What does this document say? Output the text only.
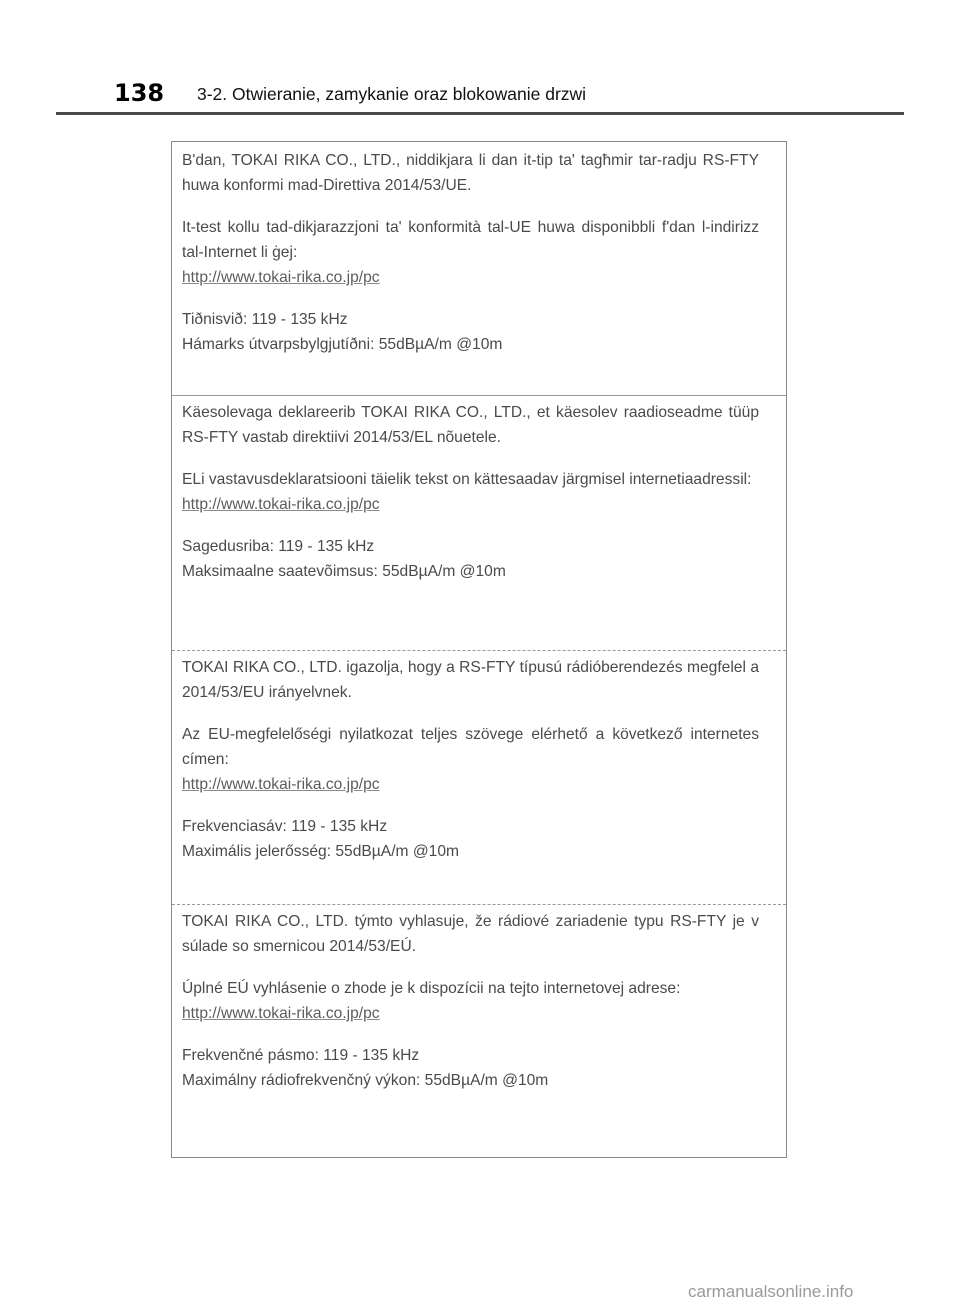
138 3-2. Otwieranie, zamykanie oraz blokowanie drzwi

B'dan, TOKAI RIKA CO., LTD., niddikjara li dan it-tip ta' tagħmir tar-radju RS-FTY huwa konformi mad-Direttiva 2014/53/UE.

It-test kollu tad-dikjarazzjoni ta' konformità tal-UE huwa disponibbli f'dan l-indirizz tal-Internet li ġej:

http://www.tokai-rika.co.jp/pc

Tiðnisvið: 119 - 135 kHz

Hámarks útvarpsbylgjutíðni: 55dBµA/m @10m

Käesolevaga deklareerib TOKAI RIKA CO., LTD., et käesolev raadioseadme tüüp RS-FTY vastab direktiivi 2014/53/EL nõuetele.

ELi vastavusdeklaratsiooni täielik tekst on kättesaadav järgmisel internetiaadressil:

http://www.tokai-rika.co.jp/pc

Sagedusriba: 119 - 135 kHz

Maksimaalne saatevõimsus: 55dBµA/m @10m

TOKAI RIKA CO., LTD. igazolja, hogy a RS-FTY típusú rádióberendezés megfelel a 2014/53/EU irányelvnek.

Az EU-megfelelőségi nyilatkozat teljes szövege elérhető a következő internetes címen:

http://www.tokai-rika.co.jp/pc

Frekvenciasáv: 119 - 135 kHz

Maximális jelerősség: 55dBµA/m @10m

TOKAI RIKA CO., LTD. týmto vyhlasuje, že rádiové zariadenie typu RS-FTY je v súlade so smernicou 2014/53/EÚ.

Úplné EÚ vyhlásenie o zhode je k dispozícii na tejto internetovej adrese:

http://www.tokai-rika.co.jp/pc

Frekvenčné pásmo: 119 - 135 kHz

Maximálny rádiofrekvenčný výkon: 55dBµA/m @10m

carmanualsonline.info
